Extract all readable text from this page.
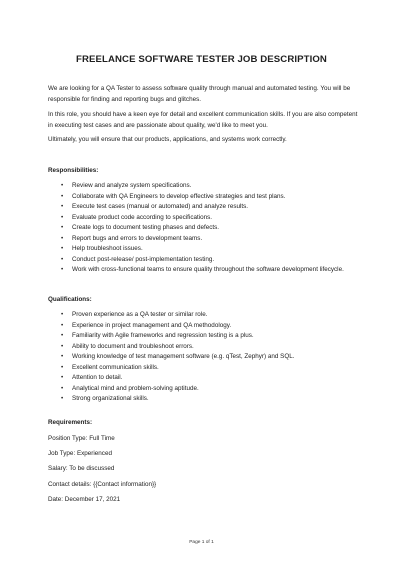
FREELANCE SOFTWARE TESTER JOB DESCRIPTION

We are looking for a QA Tester to assess software quality through manual and automated testing. You will be responsible for finding and reporting bugs and glitches.

In this role, you should have a keen eye for detail and excellent communication skills. If you are also competent in executing test cases and are passionate about quality, we'd like to meet you.

Ultimately, you will ensure that our products, applications, and systems work correctly.

Responsibilities:

• Review and analyze system specifications.
• Collaborate with QA Engineers to develop effective strategies and test plans.
• Execute test cases (manual or automated) and analyze results.
• Evaluate product code according to specifications.
• Create logs to document testing phases and defects.
• Report bugs and errors to development teams.
• Help troubleshoot issues.
• Conduct post-release/ post-implementation testing.
• Work with cross-functional teams to ensure quality throughout the software development lifecycle.

Qualifications:

• Proven experience as a QA tester or similar role.
• Experience in project management and QA methodology.
• Familiarity with Agile frameworks and regression testing is a plus.
• Ability to document and troubleshoot errors.
• Working knowledge of test management software (e.g. qTest, Zephyr) and SQL.
• Excellent communication skills.
• Attention to detail.
• Analytical mind and problem-solving aptitude.
• Strong organizational skills.

Requirements:

Position Type: Full Time

Job Type: Experienced

Salary: To be discussed

Contact details: {{Contact information}}

Date: December 17, 2021

Page 1 of 1
